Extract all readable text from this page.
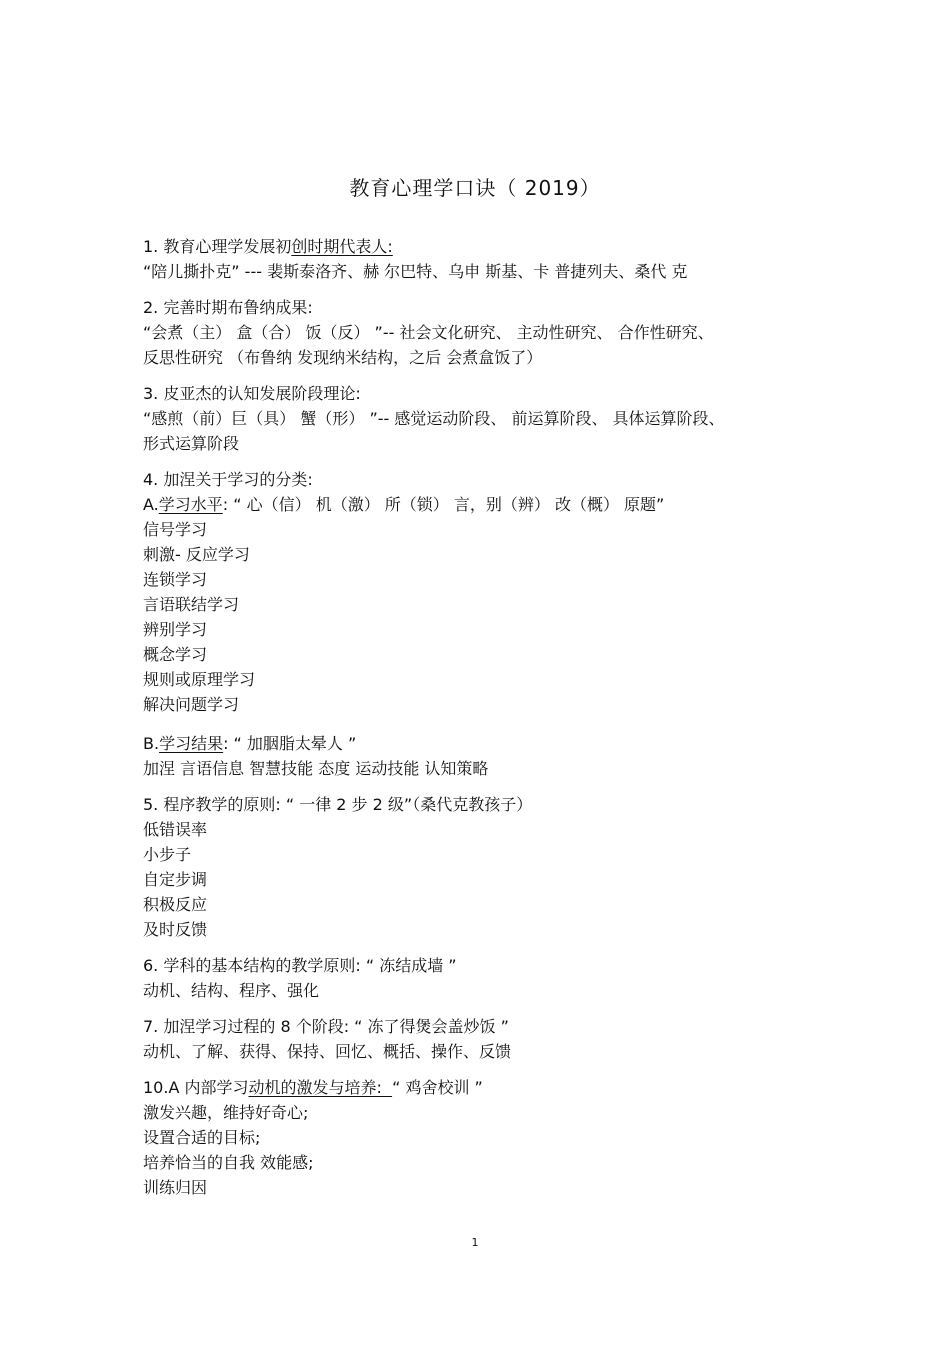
教育心理学口诀（ 2019）
1. 教育心理学发展初创时期代表人:
“陪儿撕扑克” --- 裴斯泰洛齐、赫 尔巴特、乌申 斯基、卡 普捷列夫、桑代 克
2. 完善时期布鲁纳成果:
“会煮（主） 盒（合） 饭（反） ”-- 社会文化研究、 主动性研究、 合作性研究、
反思性研究 （布鲁纳 发现纳米结构，之后 会煮盒饭了）
3. 皮亚杰的认知发展阶段理论:
“感煎（前）巨（具） 蟹（形） ”-- 感觉运动阶段、 前运算阶段、 具体运算阶段、
形式运算阶段
4. 加涅关于学习的分类:
A.学习水平: “ 心（信） 机（激） 所（锁） 言，别（辨） 改（概） 原题”
信号学习
刺激- 反应学习
连锁学习
言语联结学习
辨别学习
概念学习
规则或原理学习
解决问题学习
B.学习结果: “ 加胭脂太晕人 ”
加涅 言语信息 智慧技能 态度 运动技能 认知策略
5. 程序教学的原则: “ 一律 2 步 2 级”（桑代克教孩子）
低错误率
小步子
自定步调
积极反应
及时反馈
6. 学科的基本结构的教学原则: “ 冻结成墙 ”
动机、结构、程序、强化
7. 加涅学习过程的 8 个阶段: “ 冻了得煲会盖炒饭 ”
动机、了解、获得、保持、回忆、概括、操作、反馈
10.A 内部学习动机的激发与培养:  “ 鸡舍校训 ”
激发兴趣，维持好奇心;
设置合适的目标;
培养恰当的自我 效能感;
训练归因
1
